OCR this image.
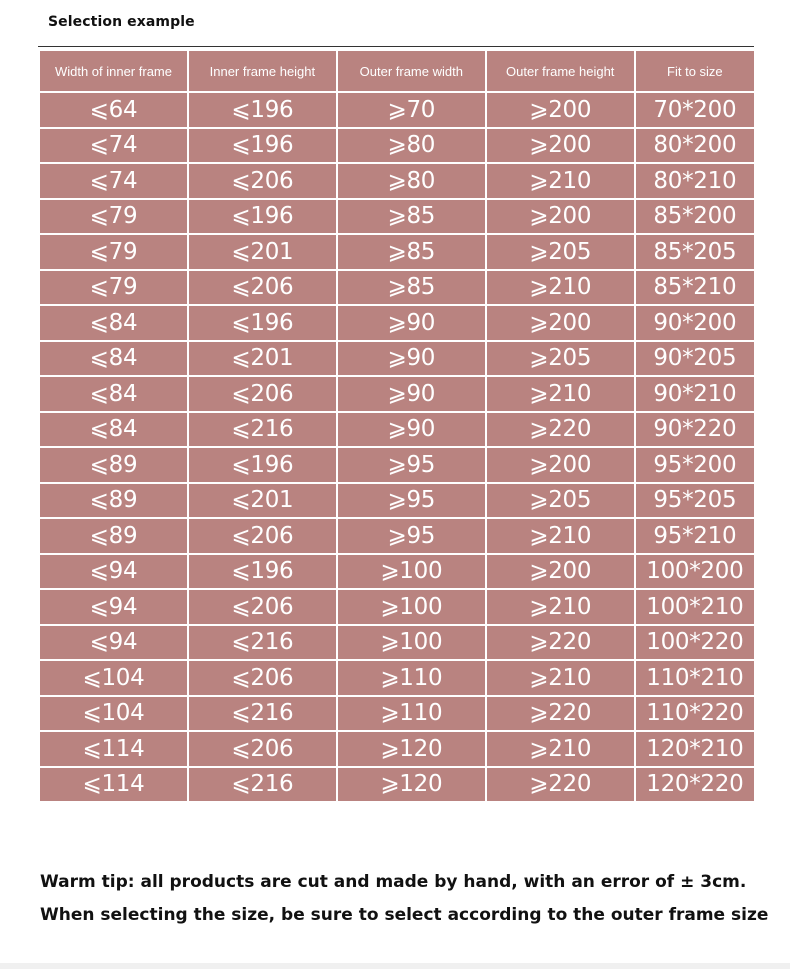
Selection example
Width of inner frame	Inner frame height	Outer frame width	Outer frame height	Fit to size
⩽64	⩽196	⩾70	⩾200	70*200
⩽74	⩽196	⩾80	⩾200	80*200
⩽74	⩽206	⩾80	⩾210	80*210
⩽79	⩽196	⩾85	⩾200	85*200
⩽79	⩽201	⩾85	⩾205	85*205
⩽79	⩽206	⩾85	⩾210	85*210
⩽84	⩽196	⩾90	⩾200	90*200
⩽84	⩽201	⩾90	⩾205	90*205
⩽84	⩽206	⩾90	⩾210	90*210
⩽84	⩽216	⩾90	⩾220	90*220
⩽89	⩽196	⩾95	⩾200	95*200
⩽89	⩽201	⩾95	⩾205	95*205
⩽89	⩽206	⩾95	⩾210	95*210
⩽94	⩽196	⩾100	⩾200	100*200
⩽94	⩽206	⩾100	⩾210	100*210
⩽94	⩽216	⩾100	⩾220	100*220
⩽104	⩽206	⩾110	⩾210	110*210
⩽104	⩽216	⩾110	⩾220	110*220
⩽114	⩽206	⩾120	⩾210	120*210
⩽114	⩽216	⩾120	⩾220	120*220
Warm tip: all products are cut and made by hand, with an error of ± 3cm.
When selecting the size, be sure to select according to the outer frame size
